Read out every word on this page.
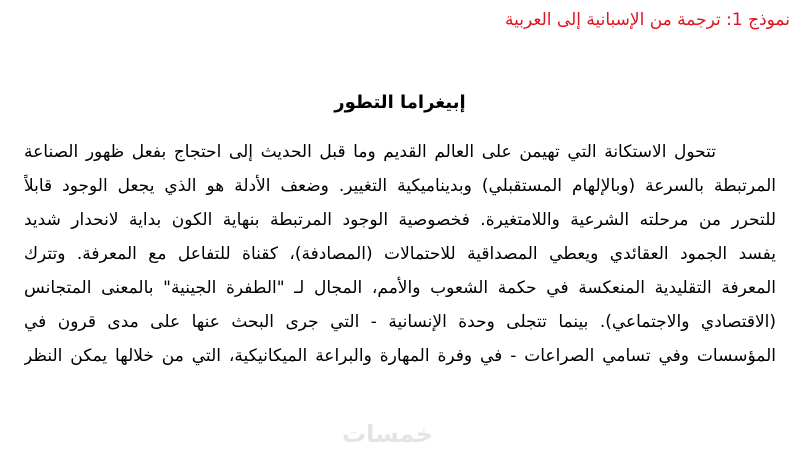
نموذج 1: ترجمة من الإسبانية إلى العربية
إبيغراما التطور
تتحول الاستكانة التي تهيمن على العالم القديم وما قبل الحديث إلى احتجاج بفعل ظهور الصناعة
المرتبطة بالسرعة (وبالإلهام المستقبلي) وبديناميكية التغيير. وضعف الأدلة هو الذي يجعل الوجود قابلاً
للتحرر من مرحلته الشرعية واللامتغيرة. فخصوصية الوجود المرتبطة بنهاية الكون بداية لانحدار شديد
يفسد الجمود العقائدي ويعطي المصداقية للاحتمالات (المصادفة)، كقناة للتفاعل مع المعرفة. وتترك
المعرفة التقليدية المنعكسة في حكمة الشعوب والأمم، المجال لـ "الطفرة الجينية" بالمعنى المتجانس
(الاقتصادي والاجتماعي). بينما تتجلى وحدة الإنسانية - التي جرى البحث عنها على مدى قرون في
المؤسسات وفي تسامي الصراعات - في وفرة المهارة والبراعة الميكانيكية، التي من خلالها يمكن النظر
خمسات
